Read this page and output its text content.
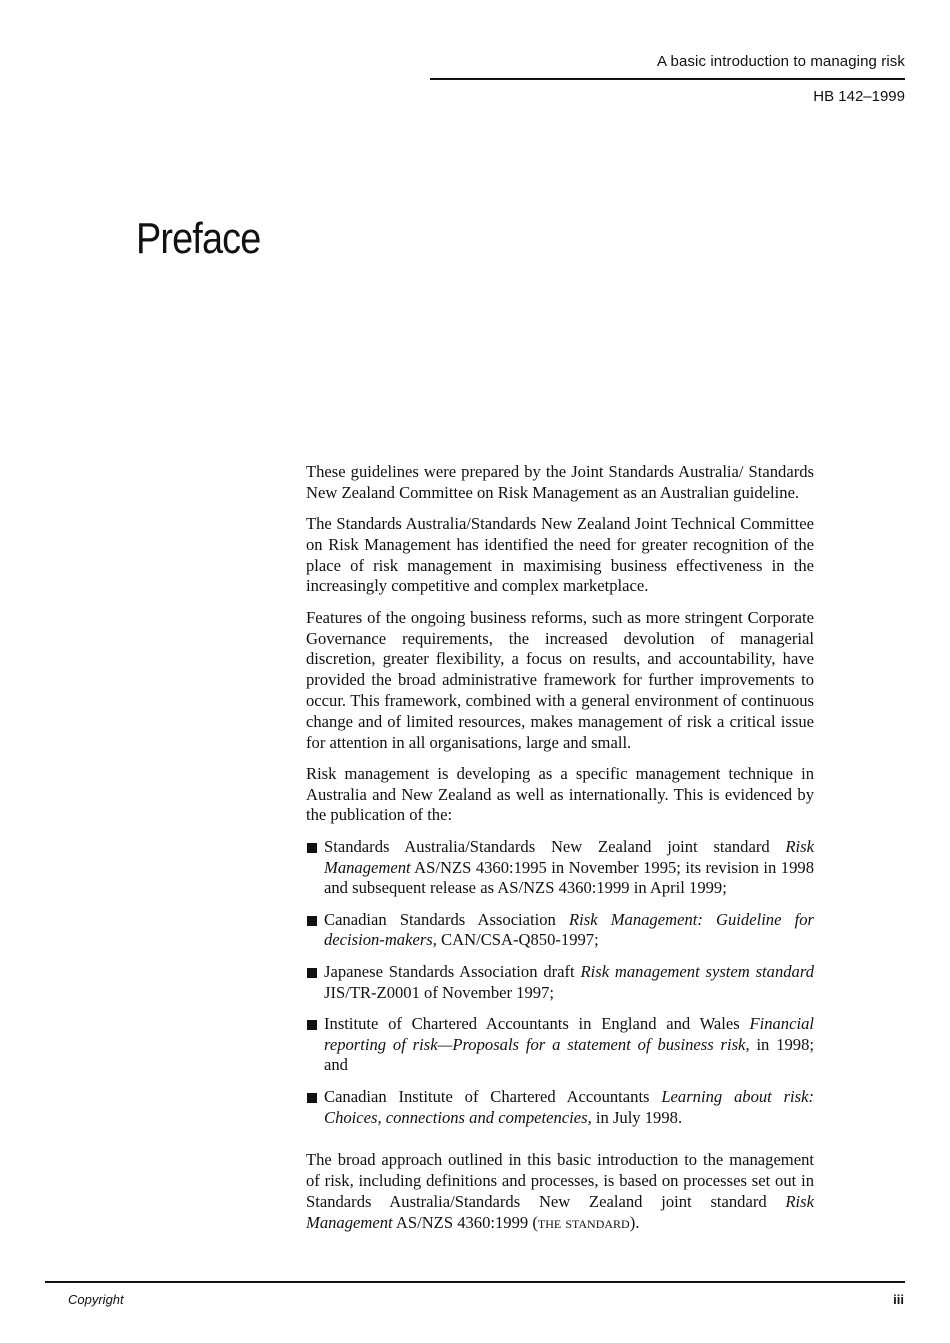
A basic introduction to managing risk
HB 142–1999
Preface

These guidelines were prepared by the Joint Standards Australia/ Standards New Zealand Committee on Risk Management as an Australian guideline.

The Standards Australia/Standards New Zealand Joint Technical Committee on Risk Management has identified the need for greater recognition of the place of risk management in maximising business effectiveness in the increasingly competitive and complex marketplace.

Features of the ongoing business reforms, such as more stringent Corporate Governance requirements, the increased devolution of managerial discretion, greater flexibility, a focus on results, and accountability, have provided the broad administrative framework for further improvements to occur. This framework, combined with a general environment of continuous change and of limited resources, makes management of risk a critical issue for attention in all organisations, large and small.

Risk management is developing as a specific management technique in Australia and New Zealand as well as internationally. This is evidenced by the publication of the:

Standards Australia/Standards New Zealand joint standard Risk Management AS/NZS 4360:1995 in November 1995; its revision in 1998 and subsequent release as AS/NZS 4360:1999 in April 1999;
Canadian Standards Association Risk Management: Guideline for decision-makers, CAN/CSA-Q850-1997;
Japanese Standards Association draft Risk management system standard JIS/TR-Z0001 of November 1997;
Institute of Chartered Accountants in England and Wales Financial reporting of risk—Proposals for a statement of business risk, in 1998; and
Canadian Institute of Chartered Accountants Learning about risk: Choices, connections and competencies, in July 1998.

The broad approach outlined in this basic introduction to the management of risk, including definitions and processes, is based on processes set out in Standards Australia/Standards New Zealand joint standard Risk Management AS/NZS 4360:1999 (the standard).

Copyright	iii
